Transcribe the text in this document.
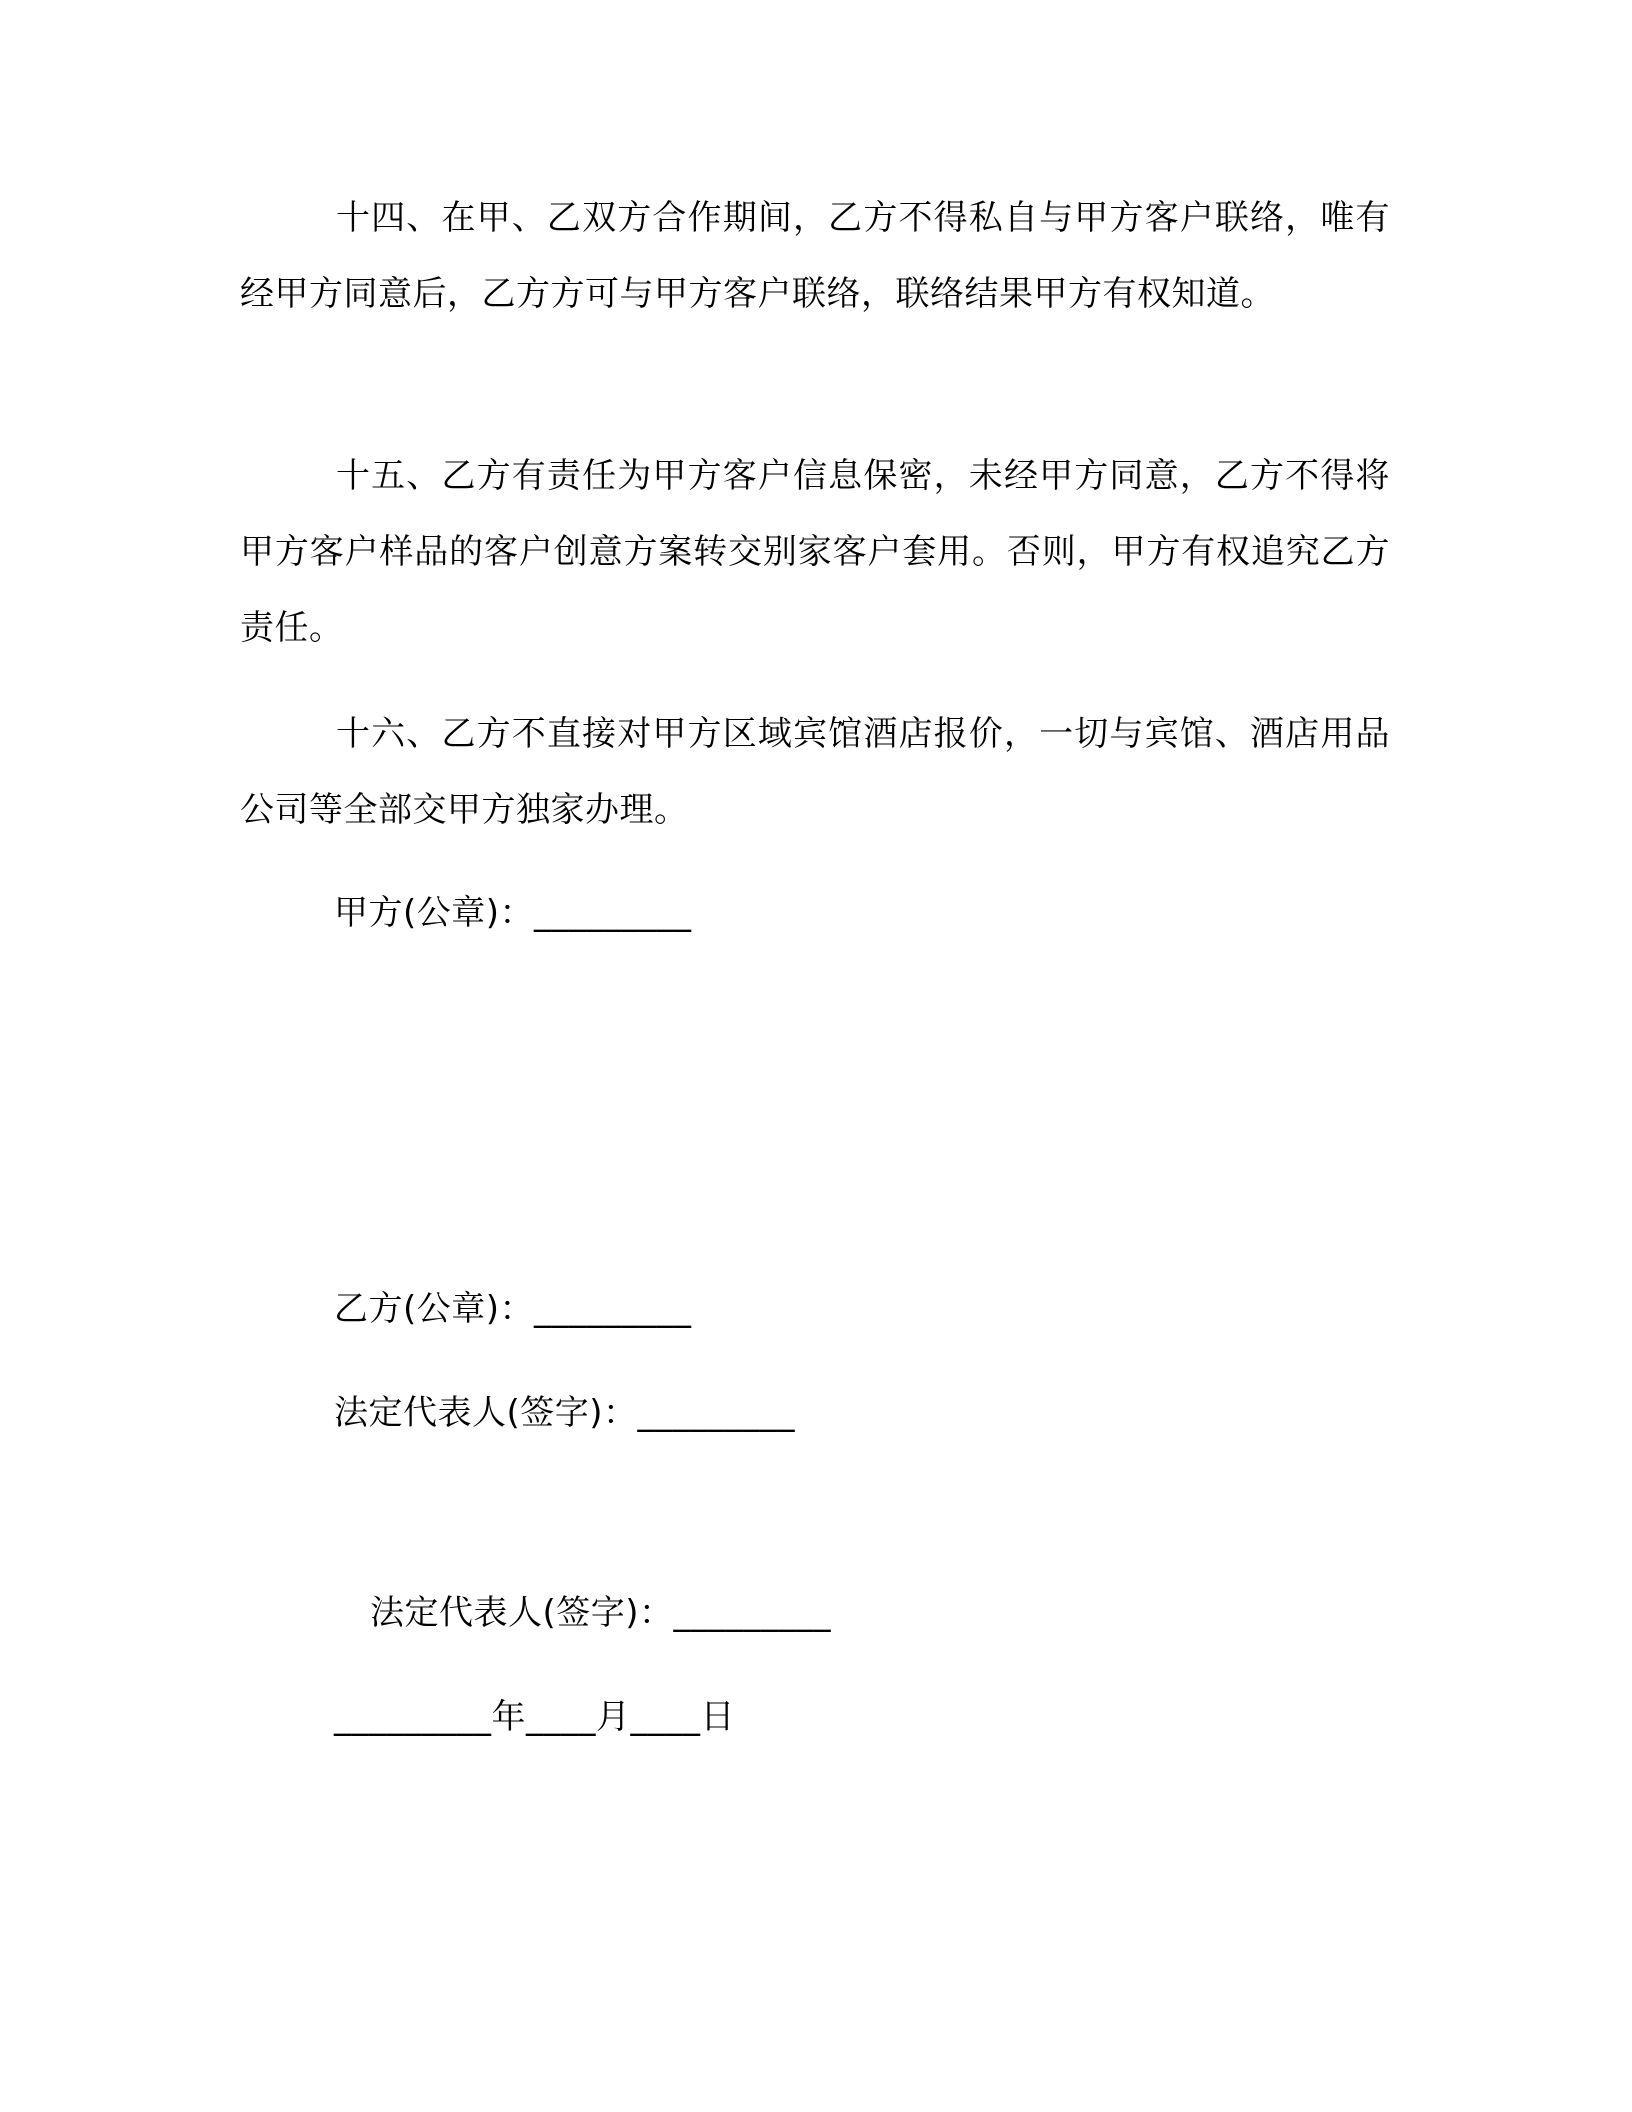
十四、在甲、乙双方合作期间，乙方不得私自与甲方客户联络，唯有经甲方同意后，乙方方可与甲方客户联络，联络结果甲方有权知道。

十五、乙方有责任为甲方客户信息保密，未经甲方同意，乙方不得将甲方客户样品的客户创意方案转交别家客户套用。否则，甲方有权追究乙方责任。

十六、乙方不直接对甲方区域宾馆酒店报价，一切与宾馆、酒店用品公司等全部交甲方独家办理。

甲方(公章)：_________

乙方(公章)：_________

法定代表人(签字)：_________

法定代表人(签字)：_________

_________年____月____日
